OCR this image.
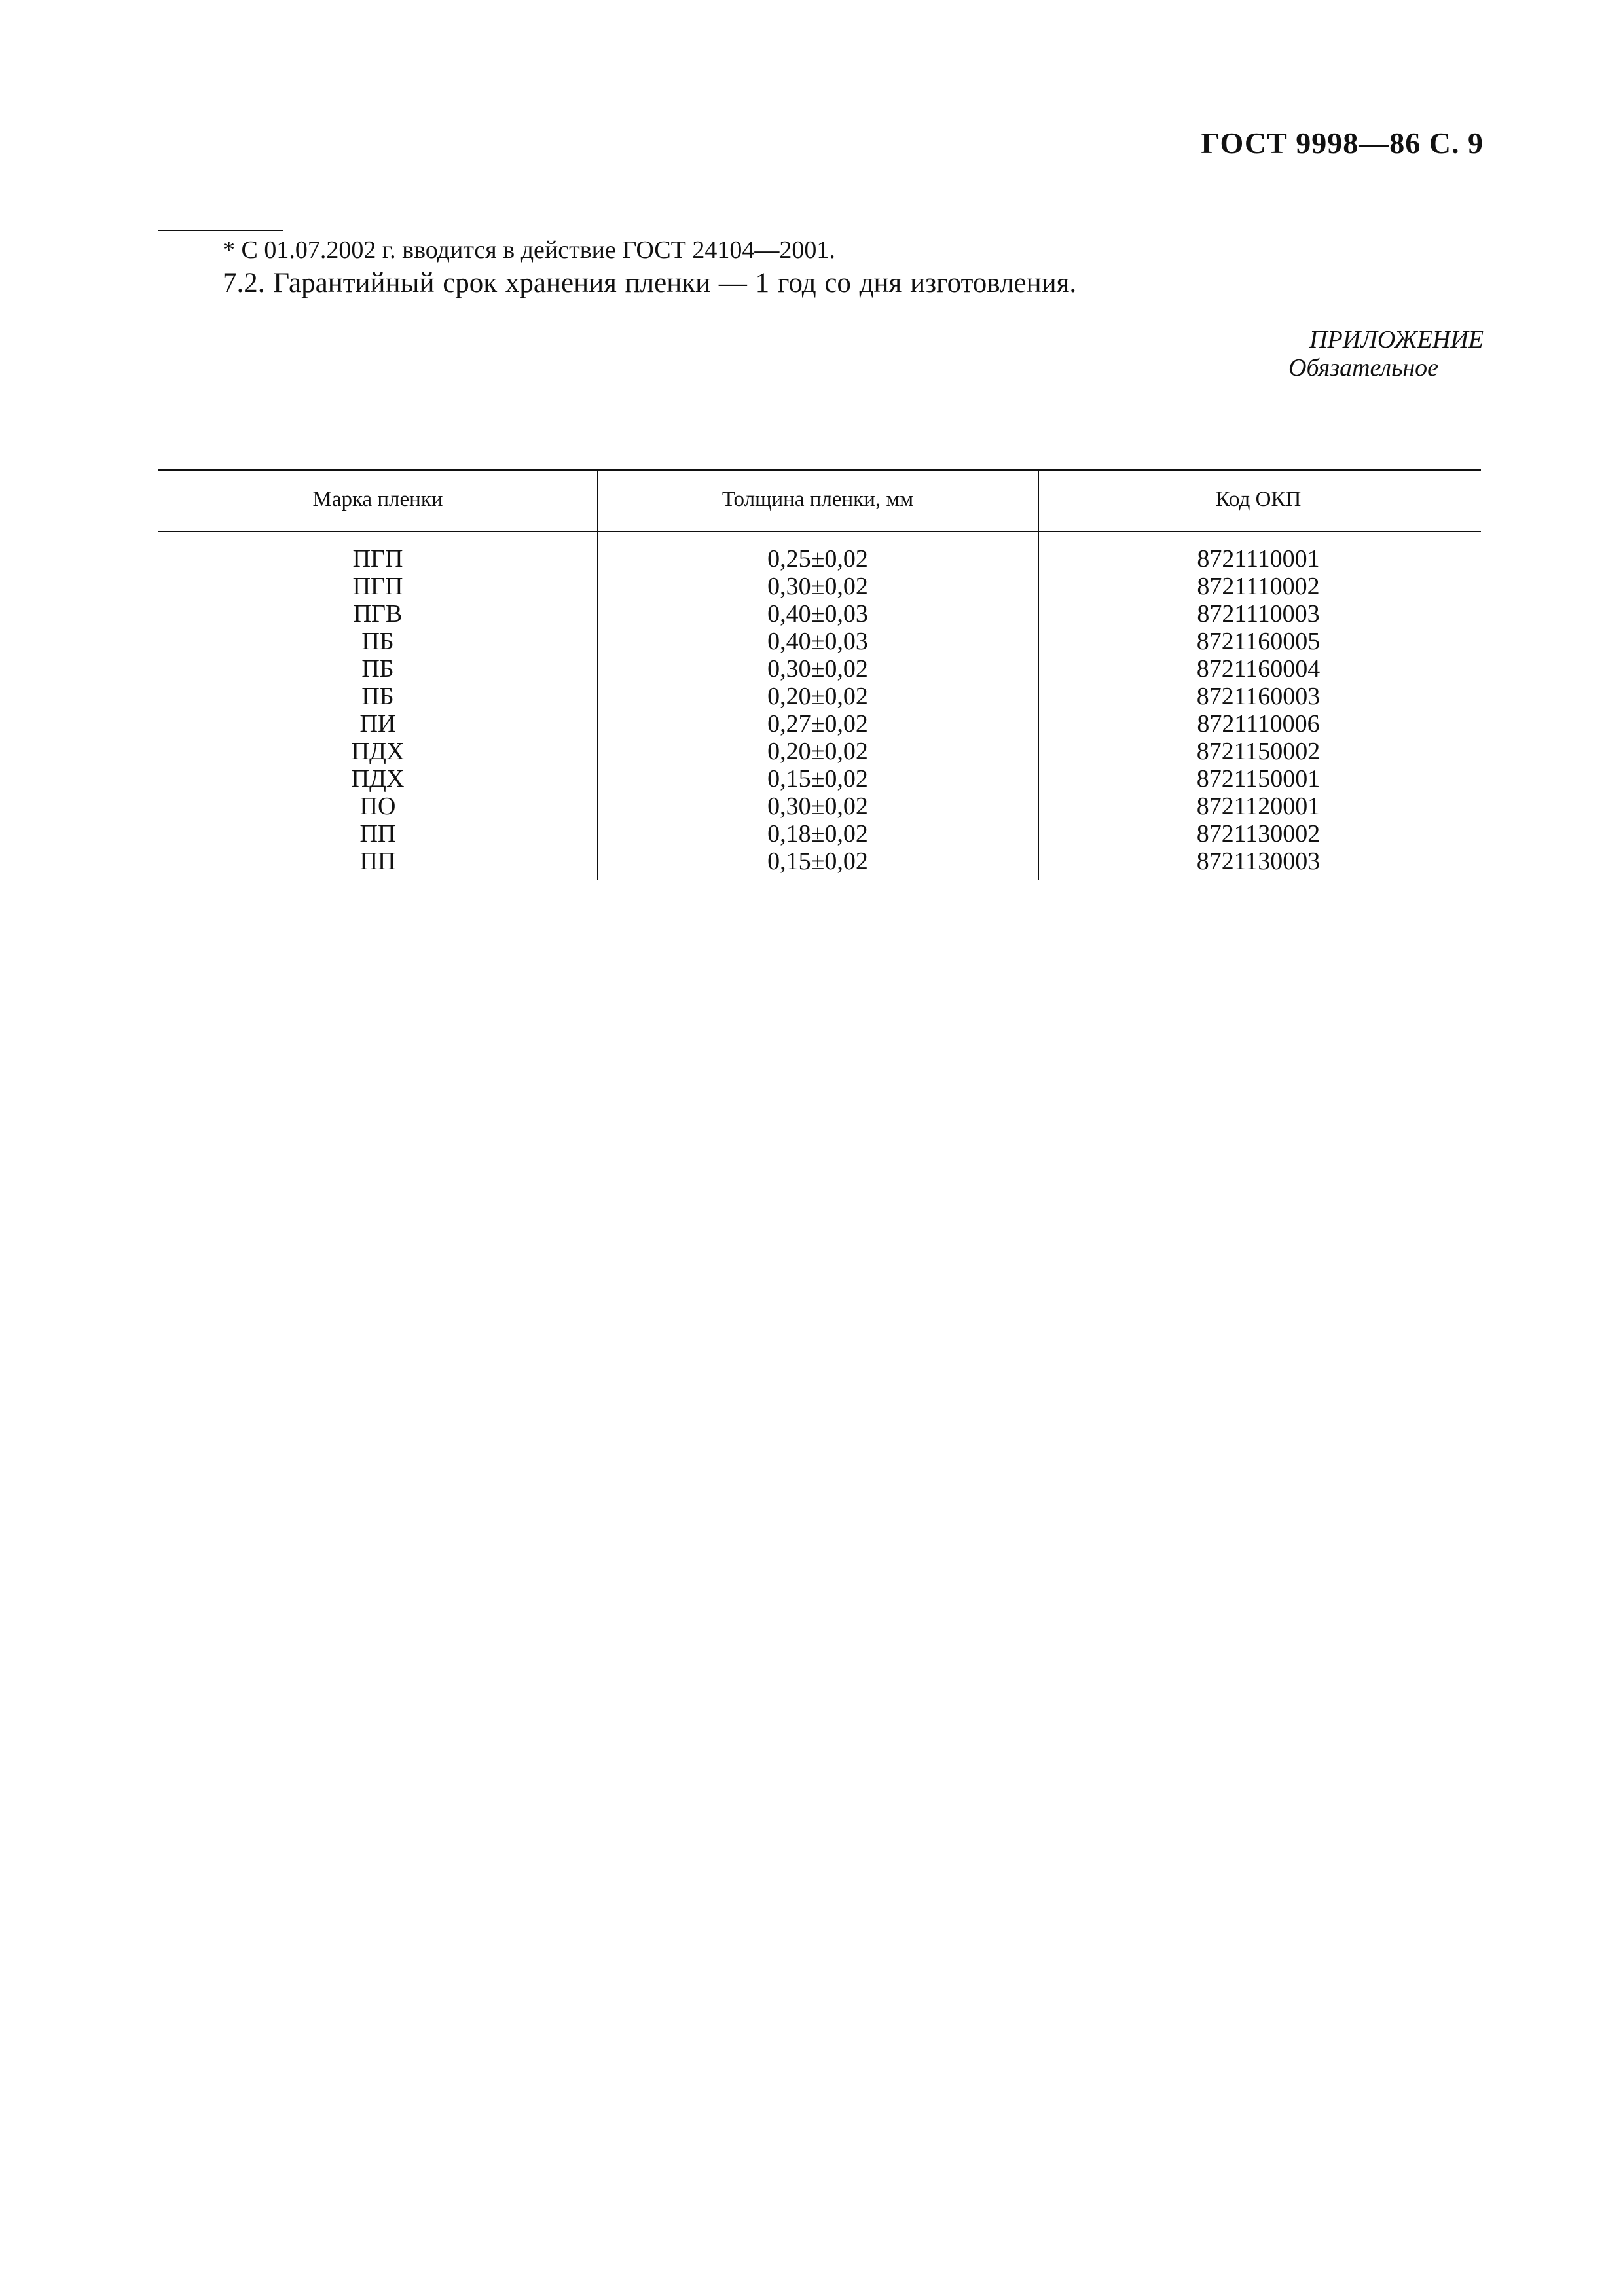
ГОСТ 9998—86 С. 9
* С 01.07.2002 г. вводится в действие ГОСТ 24104—2001.
7.2. Гарантийный срок хранения пленки — 1 год со дня изготовления.
ПРИЛОЖЕНИЕ
Обязательное
Марка пленки	Толщина пленки, мм	Код ОКП
ПГП	0,25±0,02	8721110001
ПГП	0,30±0,02	8721110002
ПГВ	0,40±0,03	8721110003
ПБ	0,40±0,03	8721160005
ПБ	0,30±0,02	8721160004
ПБ	0,20±0,02	8721160003
ПИ	0,27±0,02	8721110006
ПДХ	0,20±0,02	8721150002
ПДХ	0,15±0,02	8721150001
ПО	0,30±0,02	8721120001
ПП	0,18±0,02	8721130002
ПП	0,15±0,02	8721130003
